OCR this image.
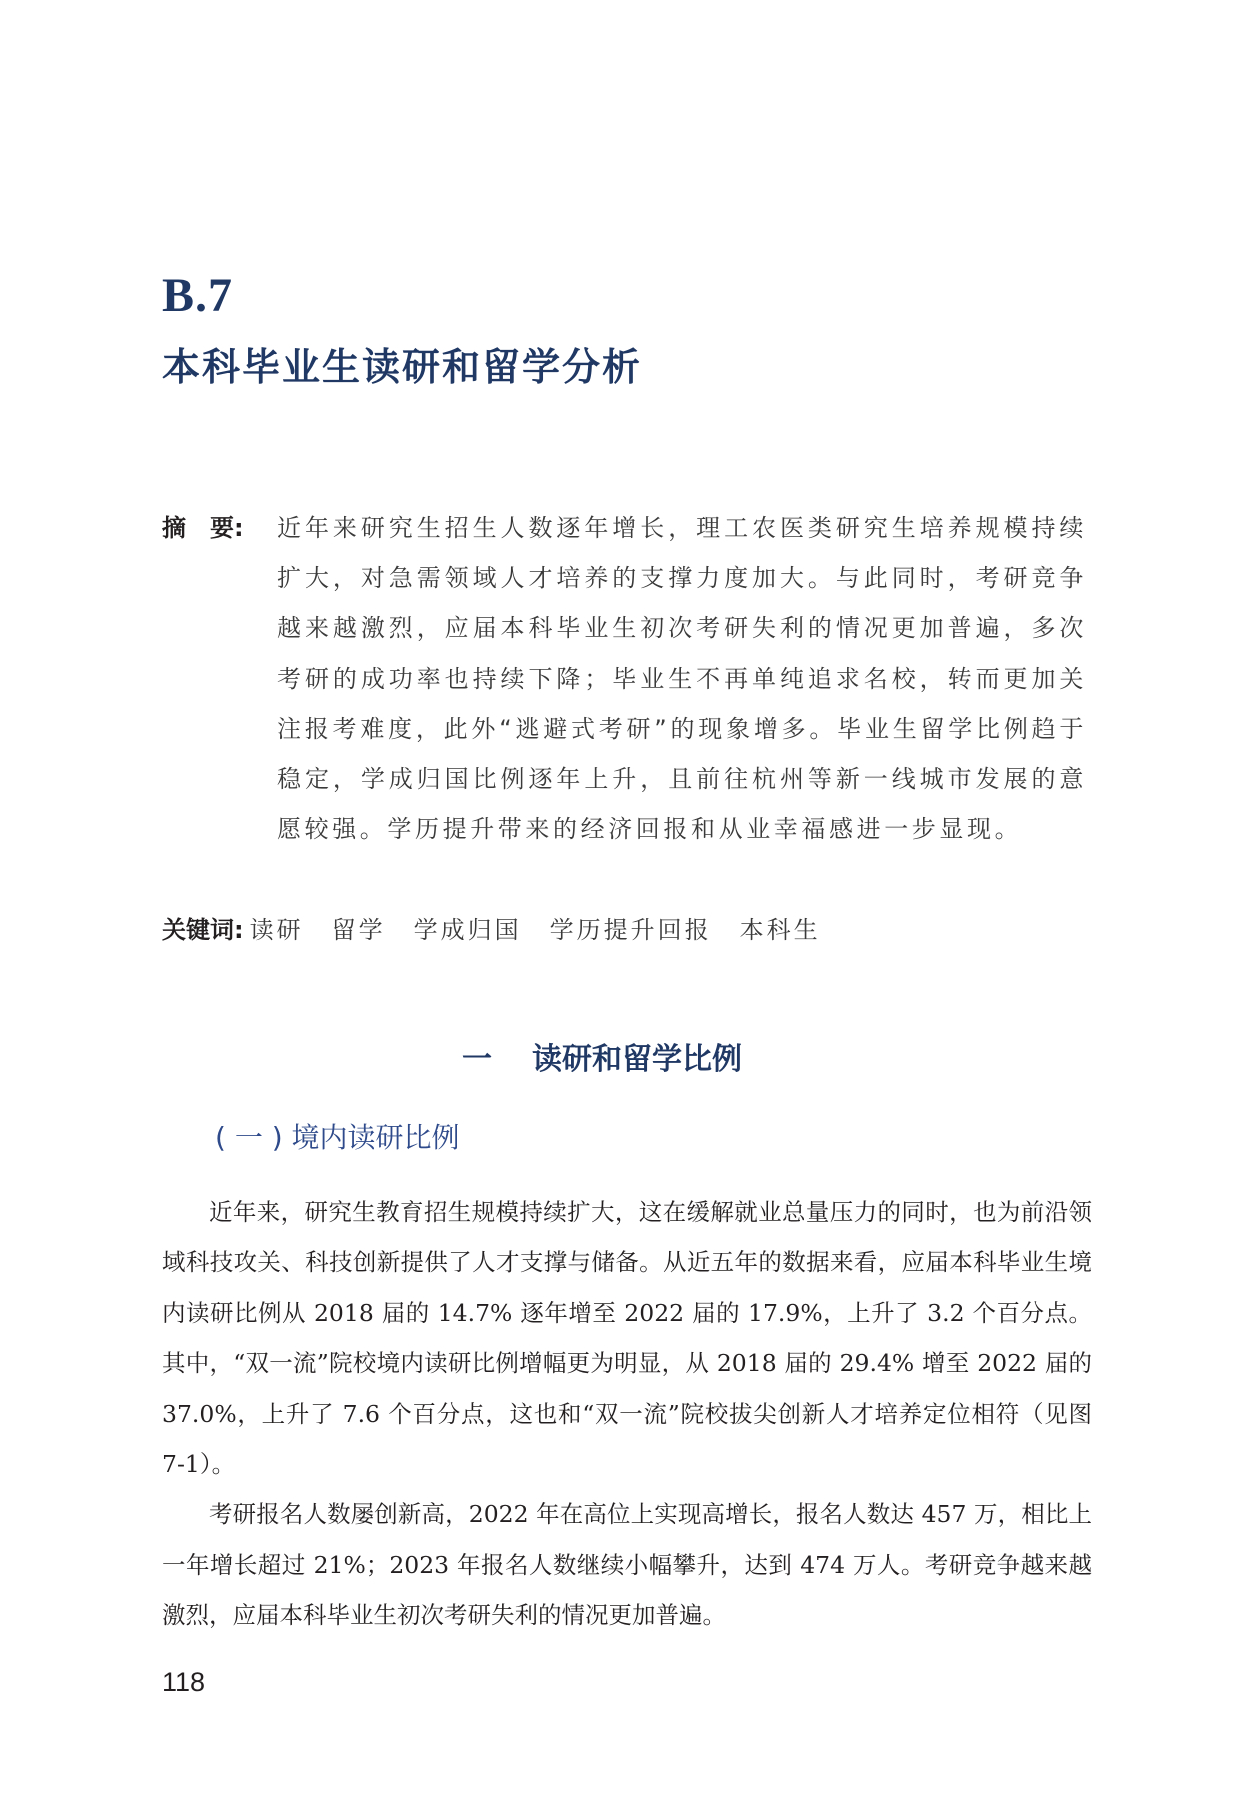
B.7
本科毕业生读研和留学分析
摘　要: 近年来研究生招生人数逐年增长，理工农医类研究生培养规模持续扩大，对急需领域人才培养的支撑力度加大。与此同时，考研竞争越来越激烈，应届本科毕业生初次考研失利的情况更加普遍，多次考研的成功率也持续下降；毕业生不再单纯追求名校，转而更加关注报考难度，此外“逃避式考研”的现象增多。毕业生留学比例趋于稳定，学成归国比例逐年上升，且前往杭州等新一线城市发展的意愿较强。学历提升带来的经济回报和从业幸福感进一步显现。
关键词: 读研 留学 学成归国 学历提升回报 本科生
一 读研和留学比例
( 一 ) 境内读研比例

近年来，研究生教育招生规模持续扩大，这在缓解就业总量压力的同时，也为前沿领域科技攻关、科技创新提供了人才支撑与储备。从近五年的数据来看，应届本科毕业生境内读研比例从 2018 届的 14.7% 逐年增至 2022 届的 17.9%，上升了 3.2 个百分点。其中，“双一流”院校境内读研比例增幅更为明显，从 2018 届的 29.4% 增至 2022 届的 37.0%，上升了 7.6 个百分点，这也和“双一流”院校拔尖创新人才培养定位相符（见图 7-1）。

考研报名人数屡创新高，2022 年在高位上实现高增长，报名人数达 457 万，相比上一年增长超过 21%；2023 年报名人数继续小幅攀升，达到 474 万人。考研竞争越来越激烈，应届本科毕业生初次考研失利的情况更加普遍。

118
